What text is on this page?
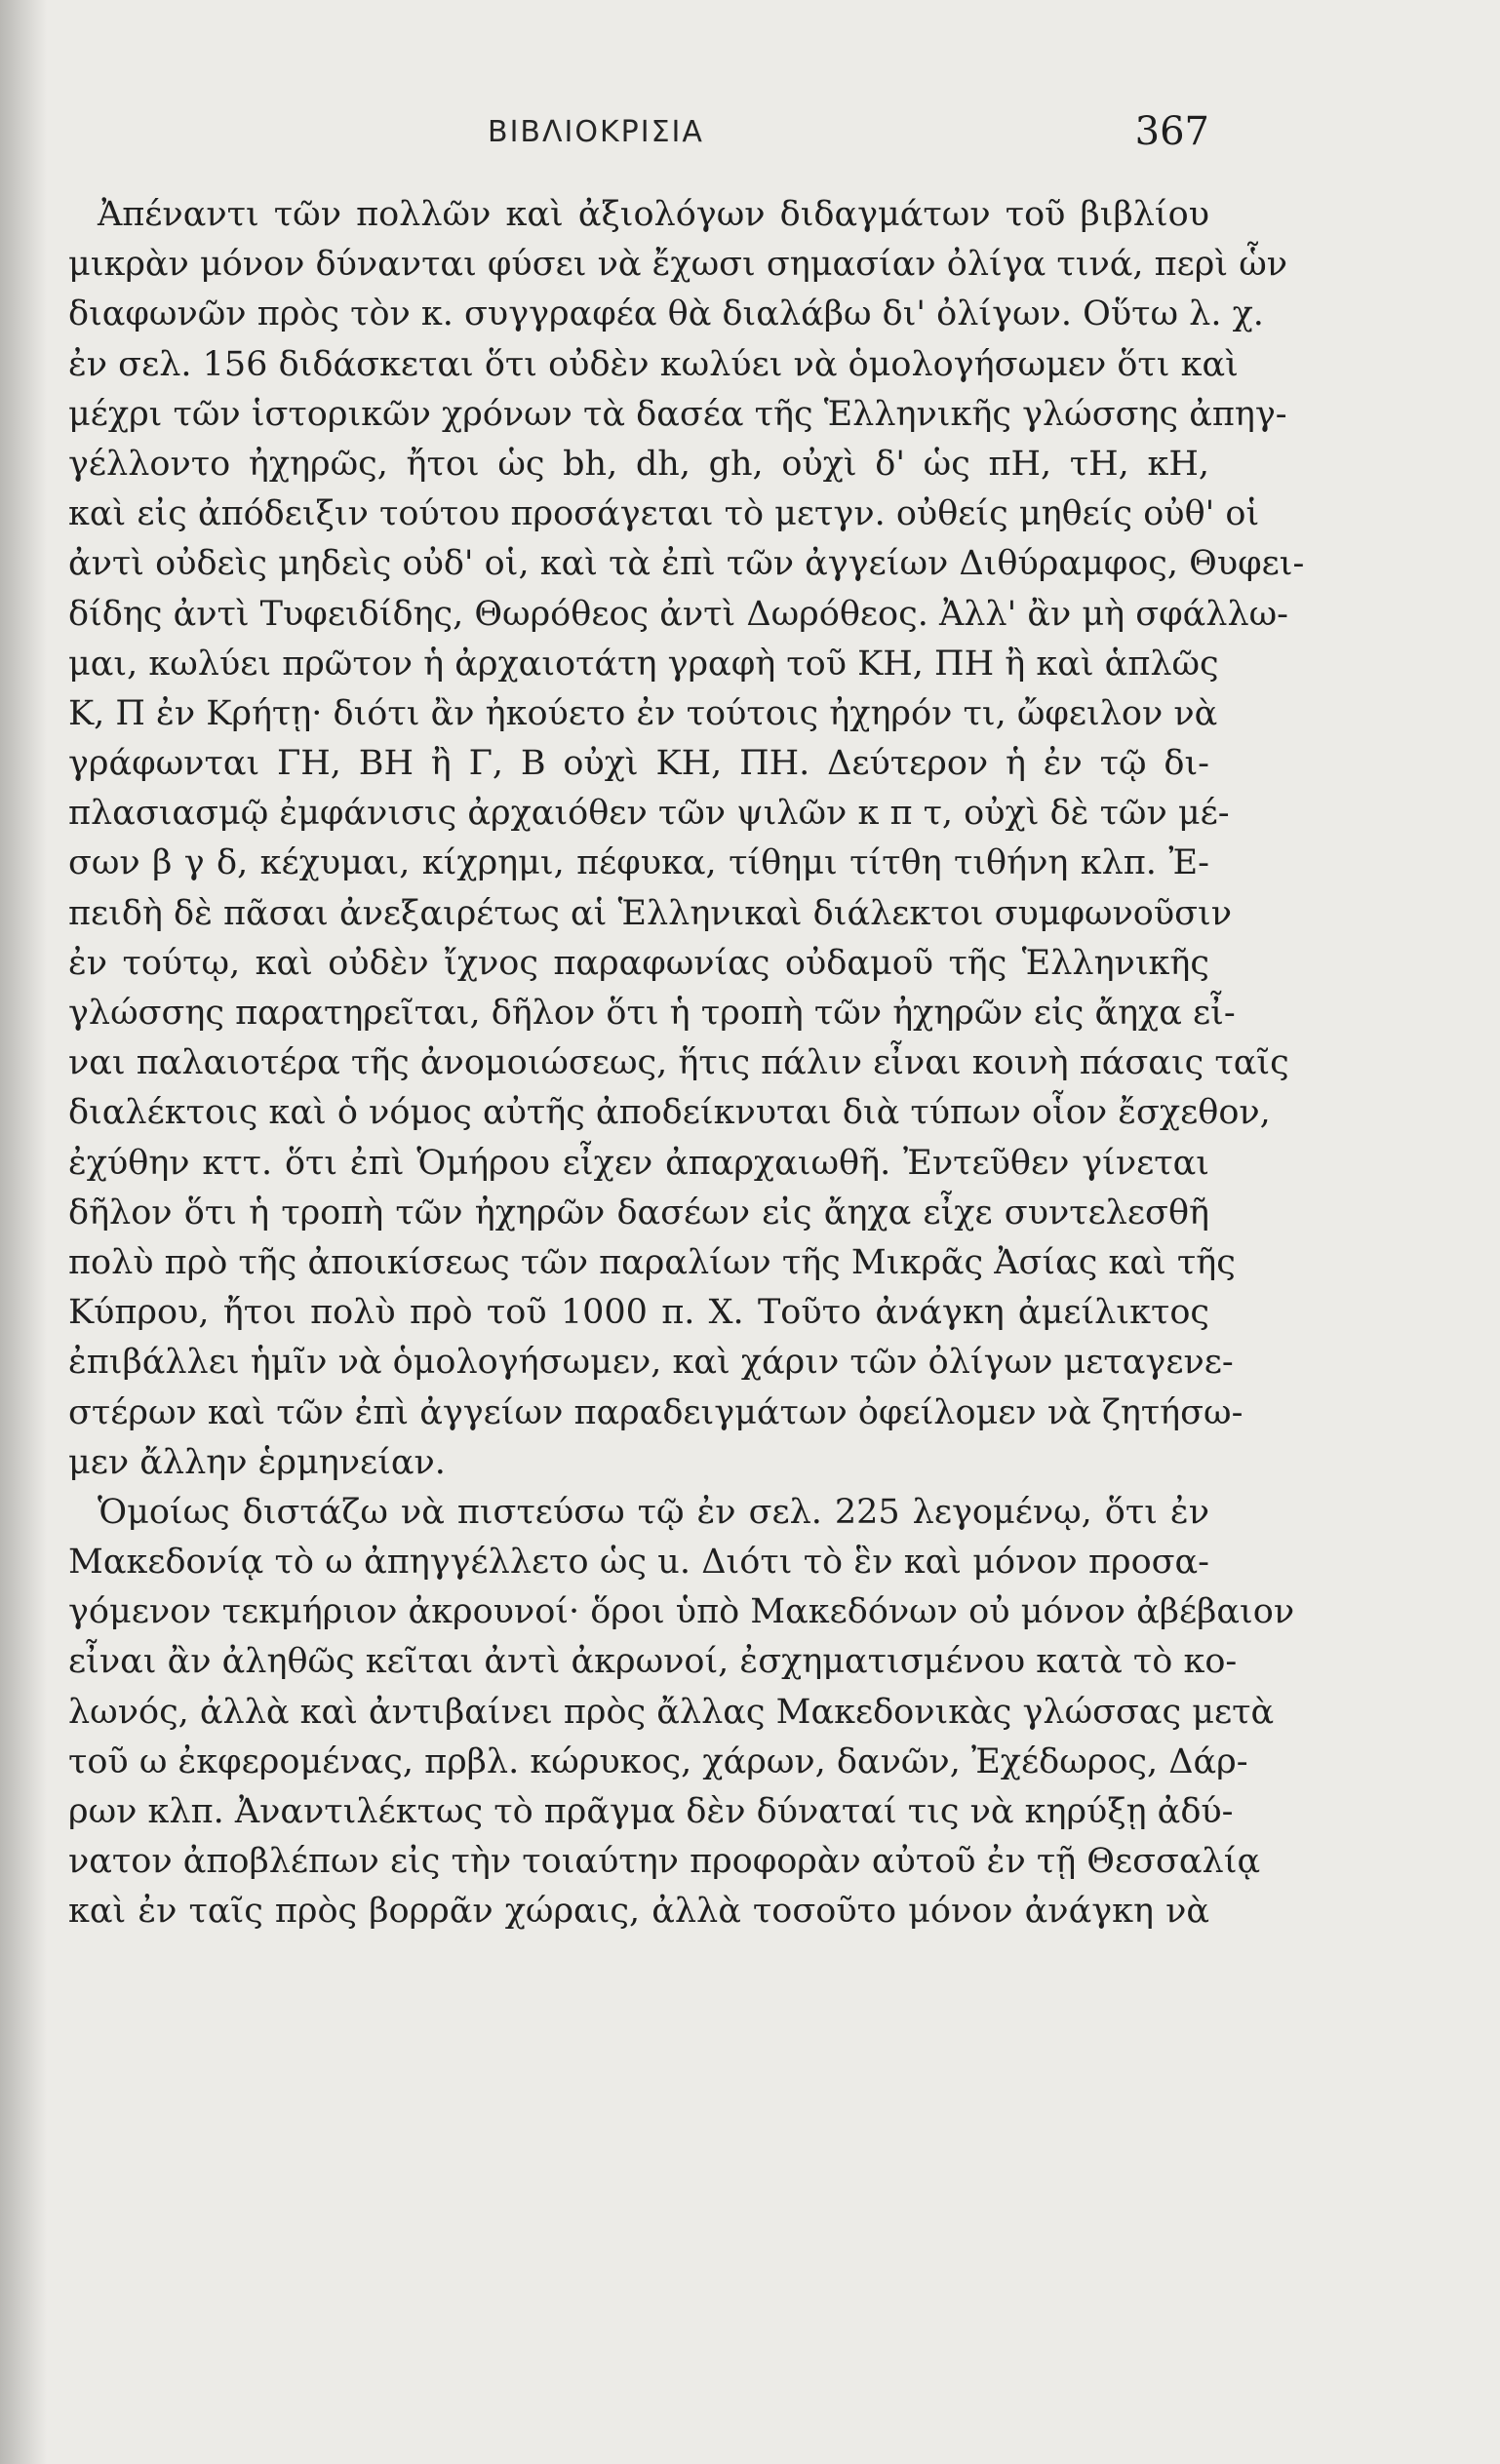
ΒΙΒΛΙΟΚΡΙΣΙΑ	367
Ἀπέναντι τῶν πολλῶν καὶ ἀξιολόγων διδαγμάτων τοῦ βιβλίου
μικρὰν μόνον δύνανται φύσει νὰ ἔχωσι σημασίαν ὀλίγα τινά, περὶ ὧν
διαφωνῶν πρὸς τὸν κ. συγγραφέα θὰ διαλάβω δι' ὀλίγων. Οὕτω λ. χ.
ἐν σελ. 156 διδάσκεται ὅτι οὐδὲν κωλύει νὰ ὁμολογήσωμεν ὅτι καὶ
μέχρι τῶν ἱστορικῶν χρόνων τὰ δασέα τῆς Ἑλληνικῆς γλώσσης ἀπηγ-
γέλλοντο ἠχηρῶς, ἤτοι ὡς bh, dh, gh, οὐχὶ δ' ὡς πH, τH, κH,
καὶ εἰς ἀπόδειξιν τούτου προσάγεται τὸ μετγν. οὐθείς μηθείς οὐθ' οἱ
ἀντὶ οὐδεὶς μηδεὶς οὐδ' οἱ, καὶ τὰ ἐπὶ τῶν ἀγγείων Διθύραμφος, Θυφει-
δίδης ἀντὶ Τυφειδίδης, Θωρόθεος ἀντὶ Δωρόθεος. Ἀλλ' ἂν μὴ σφάλλω-
μαι, κωλύει πρῶτον ἡ ἀρχαιοτάτη γραφὴ τοῦ ΚΗ, ΠΗ ἢ καὶ ἁπλῶς
Κ, Π ἐν Κρήτῃ· διότι ἂν ἠκούετο ἐν τούτοις ἠχηρόν τι, ὤφειλον νὰ
γράφωνται ΓΗ, ΒΗ ἢ Γ, Β οὐχὶ ΚΗ, ΠΗ. Δεύτερον ἡ ἐν τῷ δι-
πλασιασμῷ ἐμφάνισις ἀρχαιόθεν τῶν ψιλῶν κ π τ, οὐχὶ δὲ τῶν μέ-
σων β γ δ, κέχυμαι, κίχρημι, πέφυκα, τίθημι τίτθη τιθήνη κλπ. Ἐ-
πειδὴ δὲ πᾶσαι ἀνεξαιρέτως αἱ Ἑλληνικαὶ διάλεκτοι συμφωνοῦσιν
ἐν τούτῳ, καὶ οὐδὲν ἴχνος παραφωνίας οὐδαμοῦ τῆς Ἑλληνικῆς
γλώσσης παρατηρεῖται, δῆλον ὅτι ἡ τροπὴ τῶν ἠχηρῶν εἰς ἄηχα εἶ-
ναι παλαιοτέρα τῆς ἀνομοιώσεως, ἥτις πάλιν εἶναι κοινὴ πάσαις ταῖς
διαλέκτοις καὶ ὁ νόμος αὐτῆς ἀποδείκνυται διὰ τύπων οἷον ἔσχεθον,
ἐχύθην κττ. ὅτι ἐπὶ Ὁμήρου εἶχεν ἀπαρχαιωθῆ. Ἐντεῦθεν γίνεται
δῆλον ὅτι ἡ τροπὴ τῶν ἠχηρῶν δασέων εἰς ἄηχα εἶχε συντελεσθῆ
πολὺ πρὸ τῆς ἀποικίσεως τῶν παραλίων τῆς Μικρᾶς Ἀσίας καὶ τῆς
Κύπρου, ἤτοι πολὺ πρὸ τοῦ 1000 π. Χ. Τοῦτο ἀνάγκη ἀμείλικτος
ἐπιβάλλει ἡμῖν νὰ ὁμολογήσωμεν, καὶ χάριν τῶν ὀλίγων μεταγενε-
στέρων καὶ τῶν ἐπὶ ἀγγείων παραδειγμάτων ὀφείλομεν νὰ ζητήσω-
μεν ἄλλην ἑρμηνείαν.
Ὁμοίως διστάζω νὰ πιστεύσω τῷ ἐν σελ. 225 λεγομένῳ, ὅτι ἐν
Μακεδονίᾳ τὸ ω ἀπηγγέλλετο ὡς u. Διότι τὸ ἓν καὶ μόνον προσα-
γόμενον τεκμήριον ἀκρουνοί· ὅροι ὑπὸ Μακεδόνων οὐ μόνον ἀβέβαιον
εἶναι ἂν ἀληθῶς κεῖται ἀντὶ ἀκρωνοί, ἐσχηματισμένου κατὰ τὸ κο-
λωνός, ἀλλὰ καὶ ἀντιβαίνει πρὸς ἄλλας Μακεδονικὰς γλώσσας μετὰ
τοῦ ω ἐκφερομένας, πρβλ. κώρυκος, χάρων, δανῶν, Ἐχέδωρος, Δάρ-
ρων κλπ. Ἀναντιλέκτως τὸ πρᾶγμα δὲν δύναταί τις νὰ κηρύξῃ ἀδύ-
νατον ἀποβλέπων εἰς τὴν τοιαύτην προφορὰν αὐτοῦ ἐν τῇ Θεσσαλίᾳ
καὶ ἐν ταῖς πρὸς βορρᾶν χώραις, ἀλλὰ τοσοῦτο μόνον ἀνάγκη νὰ
